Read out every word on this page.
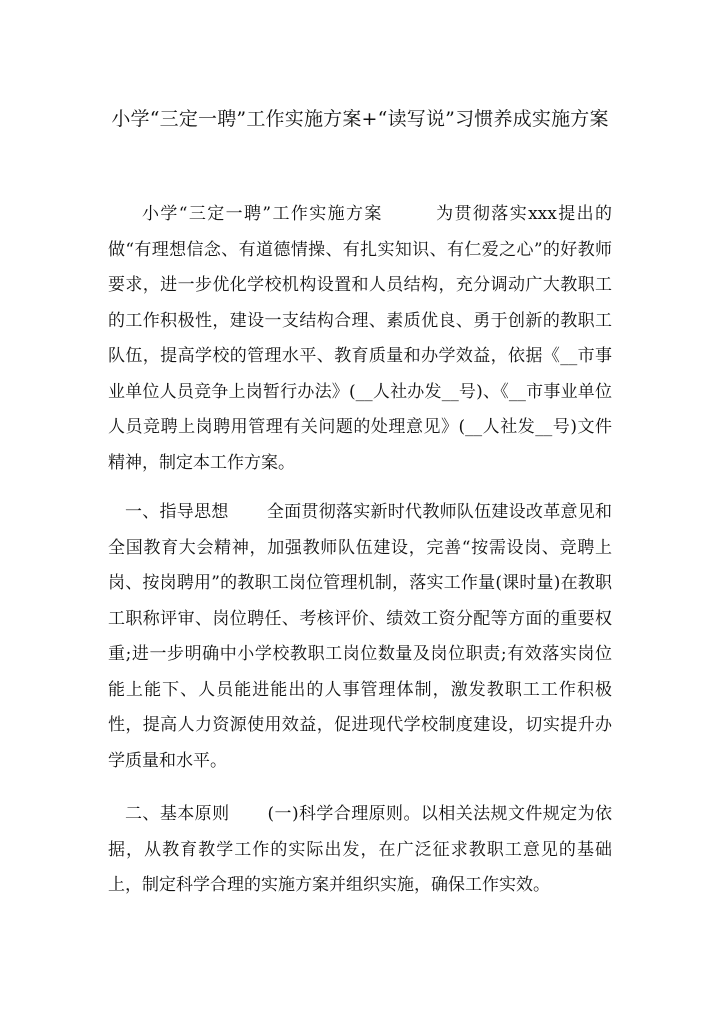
小学“三定一聘”工作实施方案+“读写说”习惯养成实施方案
小学“三定一聘”工作实施方案	为贯彻落实xxx提出的做“有理想信念、有道德情操、有扎实知识、有仁爱之心”的好教师要求，进一步优化学校机构设置和人员结构，充分调动广大教职工的工作积极性，建设一支结构合理、素质优良、勇于创新的教职工队伍，提高学校的管理水平、教育质量和办学效益，依据《__市事业单位人员竞争上岗暂行办法》(__人社办发__号)、《__市事业单位人员竞聘上岗聘用管理有关问题的处理意见》(__人社发__号)文件精神，制定本工作方案。
一、指导思想 全面贯彻落实新时代教师队伍建设改革意见和全国教育大会精神，加强教师队伍建设，完善“按需设岗、竞聘上岗、按岗聘用”的教职工岗位管理机制，落实工作量(课时量)在教职工职称评审、岗位聘任、考核评价、绩效工资分配等方面的重要权重;进一步明确中小学校教职工岗位数量及岗位职责;有效落实岗位能上能下、人员能进能出的人事管理体制，激发教职工工作积极性，提高人力资源使用效益，促进现代学校制度建设，切实提升办学质量和水平。
二、基本原则 (一)科学合理原则。以相关法规文件规定为依据，从教育教学工作的实际出发，在广泛征求教职工意见的基础上，制定科学合理的实施方案并组织实施，确保工作实效。
